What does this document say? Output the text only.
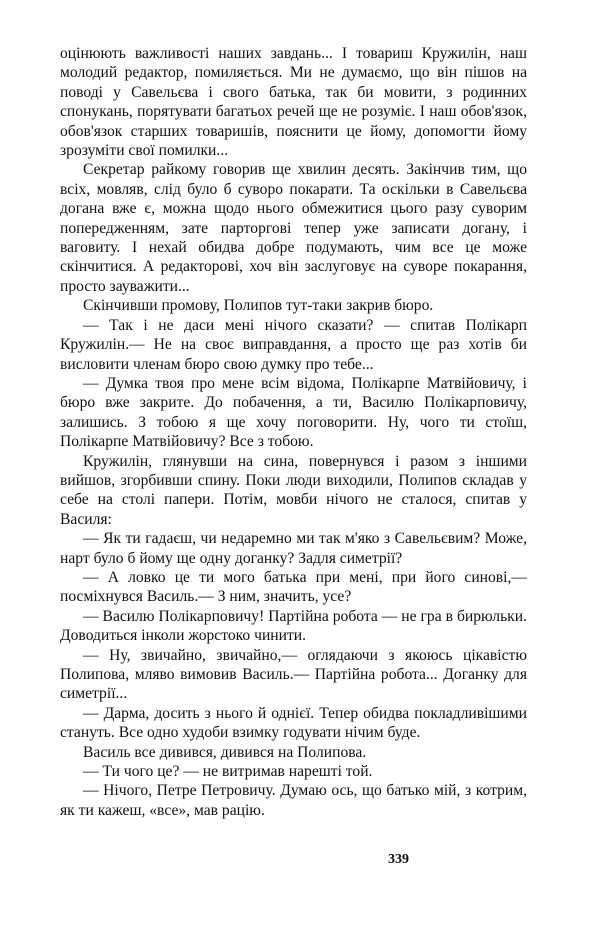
оцінюють важливості наших завдань... І товариш Кружилін, наш молодий редактор, помиляється. Ми не думаємо, що він пішов на поводі у Савельєва і свого батька, так би мовити, з родинних спонукань, порятувати багатьох речей ще не розуміє. І наш обов'язок, обов'язок старших товаришів, пояснити це йому, допомогти йому зрозуміти свої помилки...

Секретар райкому говорив ще хвилин десять. Закінчив тим, що всіх, мовляв, слід було б суворо покарати. Та оскільки в Савельєва догана вже є, можна щодо нього обмежитися цього разу суворим попередженням, зате парторгові тепер уже записати догану, і ваговиту. І нехай обидва добре подумають, чим все це може скінчитися. А редакторові, хоч він заслуговує на суворе покарання, просто зауважити...

Скінчивши промову, Полипов тут-таки закрив бюро.

— Так і не даси мені нічого сказати? — спитав Полікарп Кружилін.— Не на своє виправдання, а просто ще раз хотів би висловити членам бюро свою думку про тебе...

— Думка твоя про мене всім відома, Полікарпе Матвійовичу, і бюро вже закрите. До побачення, а ти, Василю Полікарповичу, залишись. З тобою я ще хочу поговорити. Ну, чого ти стоїш, Полікарпе Матвійовичу? Все з тобою.

Кружилін, глянувши на сина, повернувся і разом з іншими вийшов, згорбивши спину. Поки люди виходили, Полипов складав у себе на столі папери. Потім, мовби нічого не сталося, спитав у Василя:

— Як ти гадаєш, чи недаремно ми так м'яко з Савельєвим? Може, нарт було б йому ще одну доганку? Задля симетрії?

— А ловко це ти мого батька при мені, при його синові,— посміхнувся Василь.— З ним, значить, усе?

— Василю Полікарповичу! Партійна робота — не гра в бирюльки. Доводиться інколи жорстоко чинити.

— Ну, звичайно, звичайно,— оглядаючи з якоюсь цікавістю Полипова, мляво вимовив Василь.— Партійна робота... Доганку для симетрії...

— Дарма, досить з нього й однієї. Тепер обидва покладливішими стануть. Все одно худоби взимку годувати нічим буде.

Василь все дивився, дивився на Полипова.

— Ти чого це? — не витримав нарешті той.

— Нічого, Петре Петровичу. Думаю ось, що батько мій, з котрим, як ти кажеш, «все», мав рацію.

339
